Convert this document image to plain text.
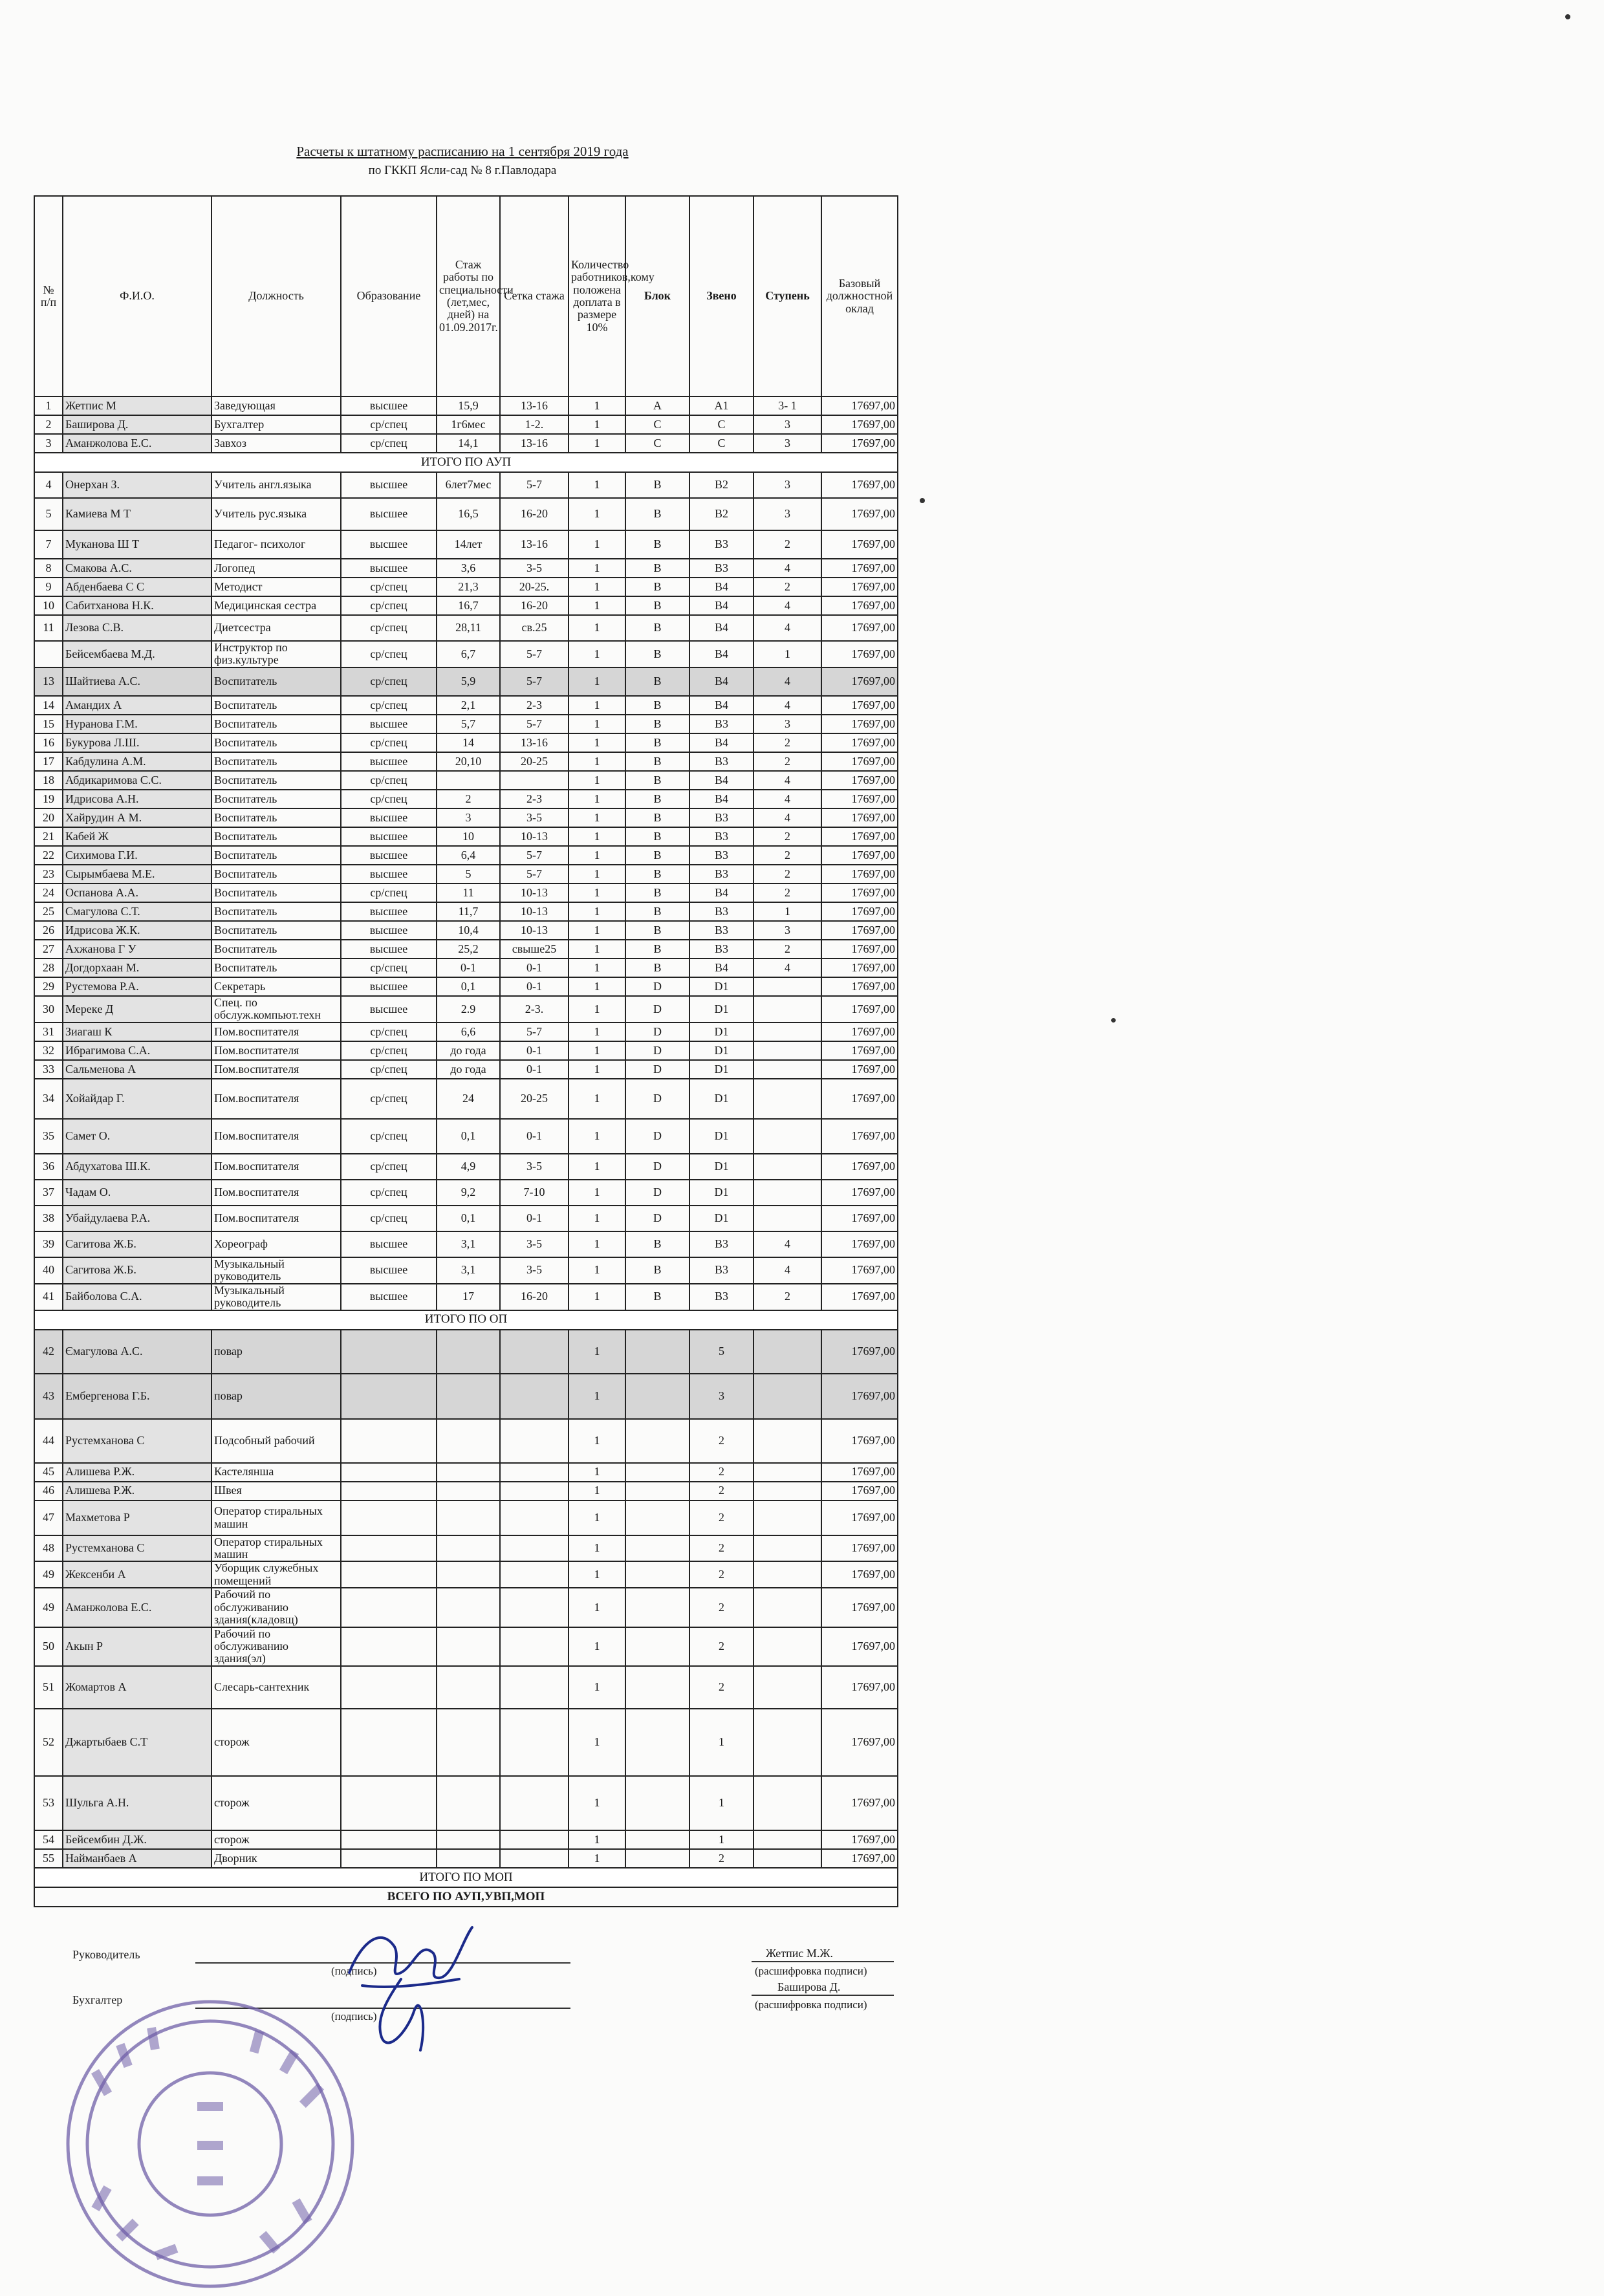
Расчеты к штатному расписанию на 1 сентября 2019 года
по ГККП Ясли-сад № 8 г.Павлодара
№ п/п	Ф.И.О.	Должность	Образование	Стаж работы по специальности (лет,мес, дней) на 01.09.2017г.	Сетка стажа	Количество работников,кому положена доплата в размере 10%	Блок	Звено	Ступень	Базовый должностной оклад
1	Жетпис М	Заведующая	высшее	15,9	13-16	1	A	A1	3- 1	17697,00
2	Баширова Д.	Бухгалтер	ср/спец	1г6мес	1-2.	1	C	C	3	17697,00
3	Аманжолова Е.С.	Завхоз	ср/спец	14,1	13-16	1	C	C	3	17697,00
ИТОГО ПО АУП										
4	Онерхан З.	Учитель англ.языка	высшее	6лет7мес	5-7	1	B	B2	3	17697,00
5	Камиева М Т	Учитель рус.языка	высшее	16,5	16-20	1	B	B2	3	17697,00
7	Муканова Ш Т	Педагог- психолог	высшее	14лет	13-16	1	B	B3	2	17697,00
8	Смакова А.С.	Логопед	высшее	3,6	3-5	1	B	B3	4	17697,00
9	Абденбаева С С	Методист	ср/спец	21,3	20-25.	1	B	B4	2	17697,00
10	Сабитханова Н.К.	Медицинская сестра	ср/спец	16,7	16-20	1	B	B4	4	17697,00
11	Лезова С.В.	Диетсестра	ср/спец	28,11	св.25	1	B	B4	4	17697,00
	Бейсембаева М.Д.	Инструктор по физ.культуре	ср/спец	6,7	5-7	1	B	B4	1	17697,00
13	Шайтиева А.С.	Воспитатель	ср/спец	5,9	5-7	1	B	B4	4	17697,00
14	Амандих А	Воспитатель	ср/спец	2,1	2-3	1	B	B4	4	17697,00
15	Нуранова Г.М.	Воспитатель	высшее	5,7	5-7	1	B	B3	3	17697,00
16	Букурова Л.Ш.	Воспитатель	ср/спец	14	13-16	1	B	B4	2	17697,00
17	Кабдулина А.М.	Воспитатель	высшее	20,10	20-25	1	B	B3	2	17697,00
18	Абдикаримова С.С.	Воспитатель	ср/спец			1	B	B4	4	17697,00
19	Идрисова А.Н.	Воспитатель	ср/спец	2	2-3	1	B	B4	4	17697,00
20	Хайрудин А М.	Воспитатель	высшее	3	3-5	1	B	B3	4	17697,00
21	Кабей Ж	Воспитатель	высшее	10	10-13	1	B	B3	2	17697,00
22	Сихимова Г.И.	Воспитатель	высшее	6,4	5-7	1	B	B3	2	17697,00
23	Сырымбаева М.Е.	Воспитатель	высшее	5	5-7	1	B	B3	2	17697,00
24	Оспанова А.А.	Воспитатель	ср/спец	11	10-13	1	B	B4	2	17697,00
25	Смагулова С.Т.	Воспитатель	высшее	11,7	10-13	1	B	B3	1	17697,00
26	Идрисова Ж.К.	Воспитатель	высшее	10,4	10-13	1	B	B3	3	17697,00
27	Ахжанова Г У	Воспитатель	высшее	25,2	свыше25	1	B	B3	2	17697,00
28	Догдорхаан М.	Воспитатель	ср/спец	0-1	0-1	1	B	B4	4	17697,00
29	Рустемова Р.А.	Секретарь	высшее	0,1	0-1	1	D	D1		17697,00
30	Мерекe Д	Спец. по обслуж.компьют.техн	высшее	2.9	2-3.	1	D	D1		17697,00
31	Зиагаш К	Пом.воспитателя	ср/спец	6,6	5-7	1	D	D1		17697,00
32	Ибрагимова С.А.	Пом.воспитателя	ср/спец	до года	0-1	1	D	D1		17697,00
33	Сальменова А	Пом.воспитателя	ср/спец	до года	0-1	1	D	D1		17697,00
34	Хойайдар Г.	Пом.воспитателя	ср/спец	24	20-25	1	D	D1		17697,00
35	Самет О.	Пом.воспитателя	ср/спец	0,1	0-1	1	D	D1		17697,00
36	Абдухатова Ш.К.	Пом.воспитателя	ср/спец	4,9	3-5	1	D	D1		17697,00
37	Чадам О.	Пом.воспитателя	ср/спец	9,2	7-10	1	D	D1		17697,00
38	Убайдулаева Р.А.	Пом.воспитателя	ср/спец	0,1	0-1	1	D	D1		17697,00
39	Сагитова Ж.Б.	Хореограф	высшее	3,1	3-5	1	B	B3	4	17697,00
40	Сагитова Ж.Б.	Музыкальный руководитель	высшее	3,1	3-5	1	B	B3	4	17697,00
41	Байболова С.А.	Музыкальный руководитель	высшее	17	16-20	1	B	B3	2	17697,00
ИТОГО ПО ОП										
42	Ємагулова А.С.	повар				1		5		17697,00
43	Ембергенова Г.Б.	повар				1		3		17697,00
44	Рустемханова С	Подсобный рабочий				1		2		17697,00
45	Алишева Р.Ж.	Кастелянша				1		2		17697,00
46	Алишева Р.Ж.	Швея				1		2		17697,00
47	Махметова Р	Оператор стиральных машин				1		2		17697,00
48	Рустемханова С	Оператор стиральных машин				1		2		17697,00
49	Жексенби А	Уборщик служебных помещений				1		2		17697,00
49	Аманжолова Е.С.	Рабочий по обслуживанию здания(кладовщ)				1		2		17697,00
50	Акын Р	Рабочий по обслуживанию здания(эл)				1		2		17697,00
51	Жомартов А	Слесарь-сантехник				1		2		17697,00
52	Джартыбаев С.Т	сторож				1		1		17697,00
53	Шульга А.Н.	сторож				1		1		17697,00
54	Бейсембин Д.Ж.	сторож				1		1		17697,00
55	Найманбаев А	Дворник				1		2		17697,00
ИТОГО ПО МОП										
ВСЕГО ПО АУП,УВП,МОП										
Руководитель
(подпись)
Жетпис М.Ж.
(расшифровка подписи)
Бухгалтер
(подпись)
Баширова Д.
(расшифровка подписи)
